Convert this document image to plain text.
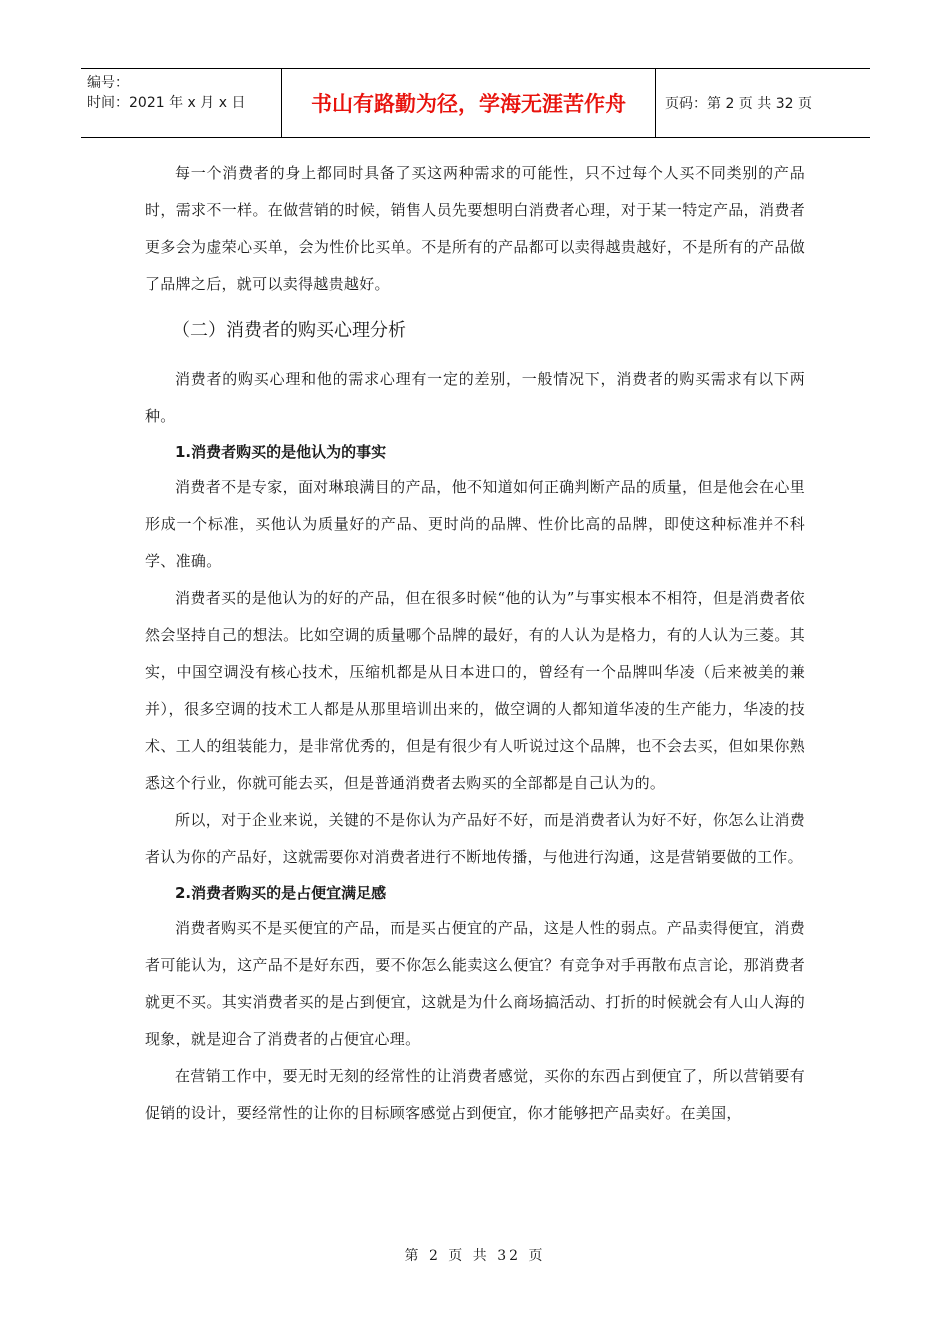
编号：
时间：2021 年 x 月 x 日	书山有路勤为径，学海无涯苦作舟	页码：第 2 页 共 32 页

每一个消费者的身上都同时具备了买这两种需求的可能性，只不过每个人买不同类别的产品时，需求不一样。在做营销的时候，销售人员先要想明白消费者心理，对于某一特定产品，消费者更多会为虚荣心买单，会为性价比买单。不是所有的产品都可以卖得越贵越好，不是所有的产品做了品牌之后，就可以卖得越贵越好。

（二）消费者的购买心理分析

消费者的购买心理和他的需求心理有一定的差别，一般情况下，消费者的购买需求有以下两种。

1.消费者购买的是他认为的事实

消费者不是专家，面对琳琅满目的产品，他不知道如何正确判断产品的质量，但是他会在心里形成一个标准，买他认为质量好的产品、更时尚的品牌、性价比高的品牌，即使这种标准并不科学、准确。

消费者买的是他认为的好的产品，但在很多时候“他的认为”与事实根本不相符，但是消费者依然会坚持自己的想法。比如空调的质量哪个品牌的最好，有的人认为是格力，有的人认为三菱。其实，中国空调没有核心技术，压缩机都是从日本进口的，曾经有一个品牌叫华凌（后来被美的兼并），很多空调的技术工人都是从那里培训出来的，做空调的人都知道华凌的生产能力，华凌的技术、工人的组装能力，是非常优秀的，但是有很少有人听说过这个品牌，也不会去买，但如果你熟悉这个行业，你就可能去买，但是普通消费者去购买的全部都是自己认为的。

所以，对于企业来说，关键的不是你认为产品好不好，而是消费者认为好不好，你怎么让消费者认为你的产品好，这就需要你对消费者进行不断地传播，与他进行沟通，这是营销要做的工作。

2.消费者购买的是占便宜满足感

消费者购买不是买便宜的产品，而是买占便宜的产品，这是人性的弱点。产品卖得便宜，消费者可能认为，这产品不是好东西，要不你怎么能卖这么便宜？有竞争对手再散布点言论，那消费者就更不买。其实消费者买的是占到便宜，这就是为什么商场搞活动、打折的时候就会有人山人海的现象，就是迎合了消费者的占便宜心理。

在营销工作中，要无时无刻的经常性的让消费者感觉，买你的东西占到便宜了，所以营销要有促销的设计，要经常性的让你的目标顾客感觉占到便宜，你才能够把产品卖好。在美国，

第 2 页 共 32 页
